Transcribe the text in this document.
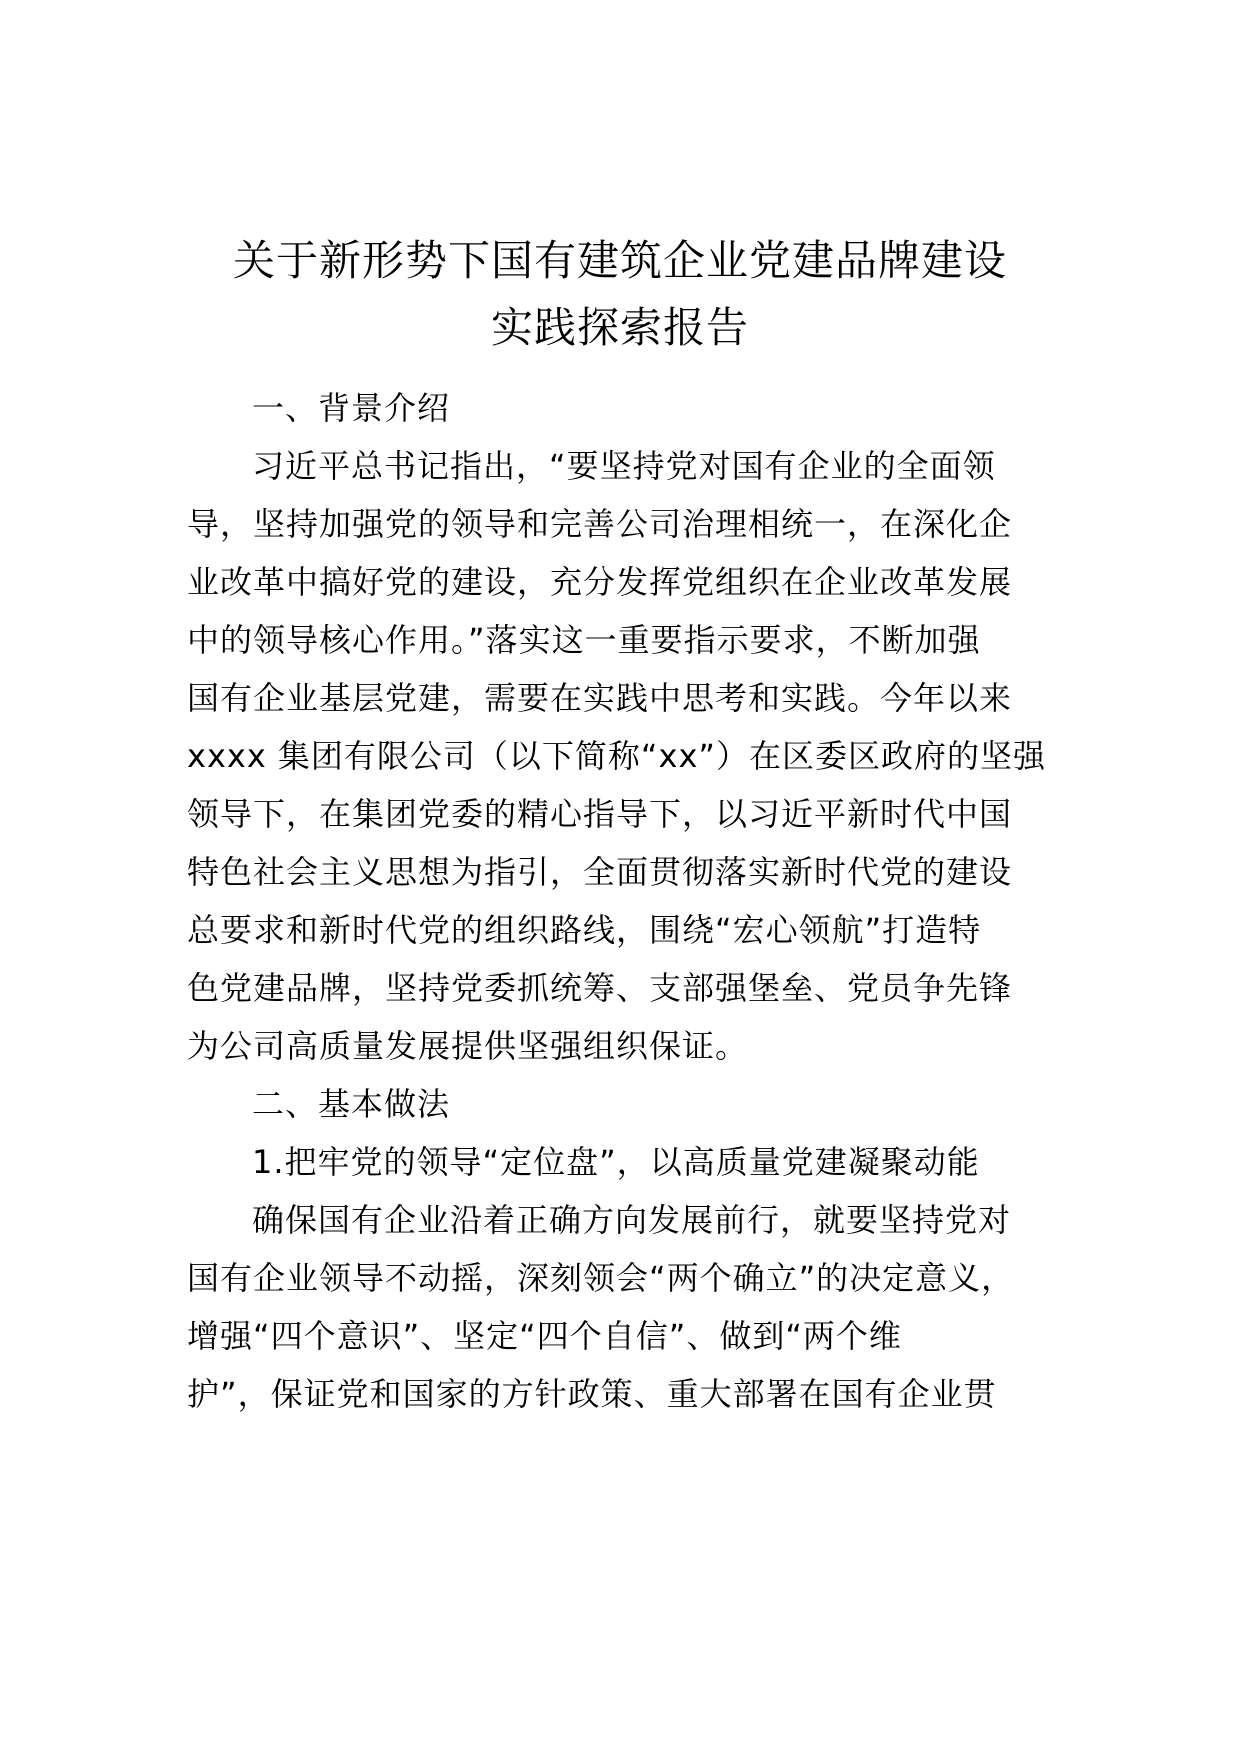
关于新形势下国有建筑企业党建品牌建设
实践探索报告
一、背景介绍
习近平总书记指出，“要坚持党对国有企业的全面领
导，坚持加强党的领导和完善公司治理相统一，在深化企
业改革中搞好党的建设，充分发挥党组织在企业改革发展
中的领导核心作用。”落实这一重要指示要求，不断加强
国有企业基层党建，需要在实践中思考和实践。今年以来
xxxx 集团有限公司（以下简称“xx”）在区委区政府的坚强
领导下，在集团党委的精心指导下，以习近平新时代中国
特色社会主义思想为指引，全面贯彻落实新时代党的建设
总要求和新时代党的组织路线，围绕“宏心领航”打造特
色党建品牌，坚持党委抓统筹、支部强堡垒、党员争先锋
为公司高质量发展提供坚强组织保证。
二、基本做法
1.把牢党的领导“定位盘”，以高质量党建凝聚动能
确保国有企业沿着正确方向发展前行，就要坚持党对
国有企业领导不动摇，深刻领会“两个确立”的决定意义，
增强“四个意识”、坚定“四个自信”、做到“两个维
护”，保证党和国家的方针政策、重大部署在国有企业贯
